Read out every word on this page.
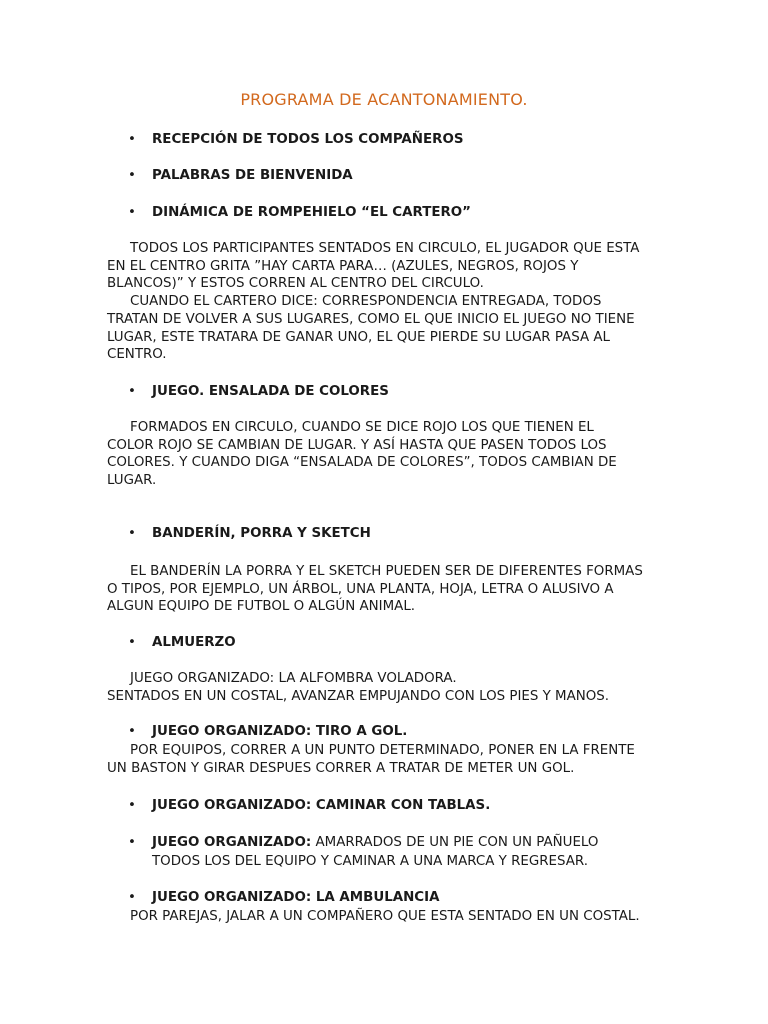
PROGRAMA DE ACANTONAMIENTO.
• RECEPCIÓN DE TODOS LOS COMPAÑEROS
• PALABRAS DE BIENVENIDA
• DINÁMICA DE ROMPEHIELO “EL CARTERO”
TODOS LOS PARTICIPANTES SENTADOS EN CIRCULO, EL JUGADOR QUE ESTA
EN EL CENTRO GRITA ”HAY CARTA PARA… (AZULES, NEGROS, ROJOS Y
BLANCOS)” Y ESTOS CORREN AL CENTRO DEL CIRCULO.
CUANDO EL CARTERO DICE: CORRESPONDENCIA ENTREGADA, TODOS
TRATAN DE VOLVER A SUS LUGARES, COMO EL QUE INICIO EL JUEGO NO TIENE
LUGAR, ESTE TRATARA DE GANAR UNO, EL QUE PIERDE SU LUGAR PASA AL
CENTRO.
• JUEGO. ENSALADA DE COLORES
FORMADOS EN CIRCULO, CUANDO SE DICE ROJO LOS QUE TIENEN EL
COLOR ROJO SE CAMBIAN DE LUGAR. Y ASÍ HASTA QUE PASEN TODOS LOS
COLORES. Y CUANDO DIGA “ENSALADA DE COLORES”, TODOS CAMBIAN DE
LUGAR.
• BANDERÍN, PORRA Y SKETCH
EL BANDERÍN LA PORRA Y EL SKETCH PUEDEN SER DE DIFERENTES FORMAS
O TIPOS, POR EJEMPLO, UN ÁRBOL, UNA PLANTA, HOJA, LETRA O ALUSIVO A
ALGUN EQUIPO DE FUTBOL O ALGÚN ANIMAL.
• ALMUERZO
JUEGO ORGANIZADO: LA ALFOMBRA VOLADORA.
SENTADOS EN UN COSTAL, AVANZAR EMPUJANDO CON LOS PIES Y MANOS.
• JUEGO ORGANIZADO: TIRO A GOL.
POR EQUIPOS, CORRER A UN PUNTO DETERMINADO, PONER EN LA FRENTE
UN BASTON Y GIRAR DESPUES CORRER A TRATAR DE METER UN GOL.
• JUEGO ORGANIZADO: CAMINAR CON TABLAS.
• JUEGO ORGANIZADO: AMARRADOS DE UN PIE CON UN PAÑUELO
TODOS LOS DEL EQUIPO Y CAMINAR A UNA MARCA Y REGRESAR.
• JUEGO ORGANIZADO: LA AMBULANCIA
POR PAREJAS, JALAR A UN COMPAÑERO QUE ESTA SENTADO EN UN COSTAL.
